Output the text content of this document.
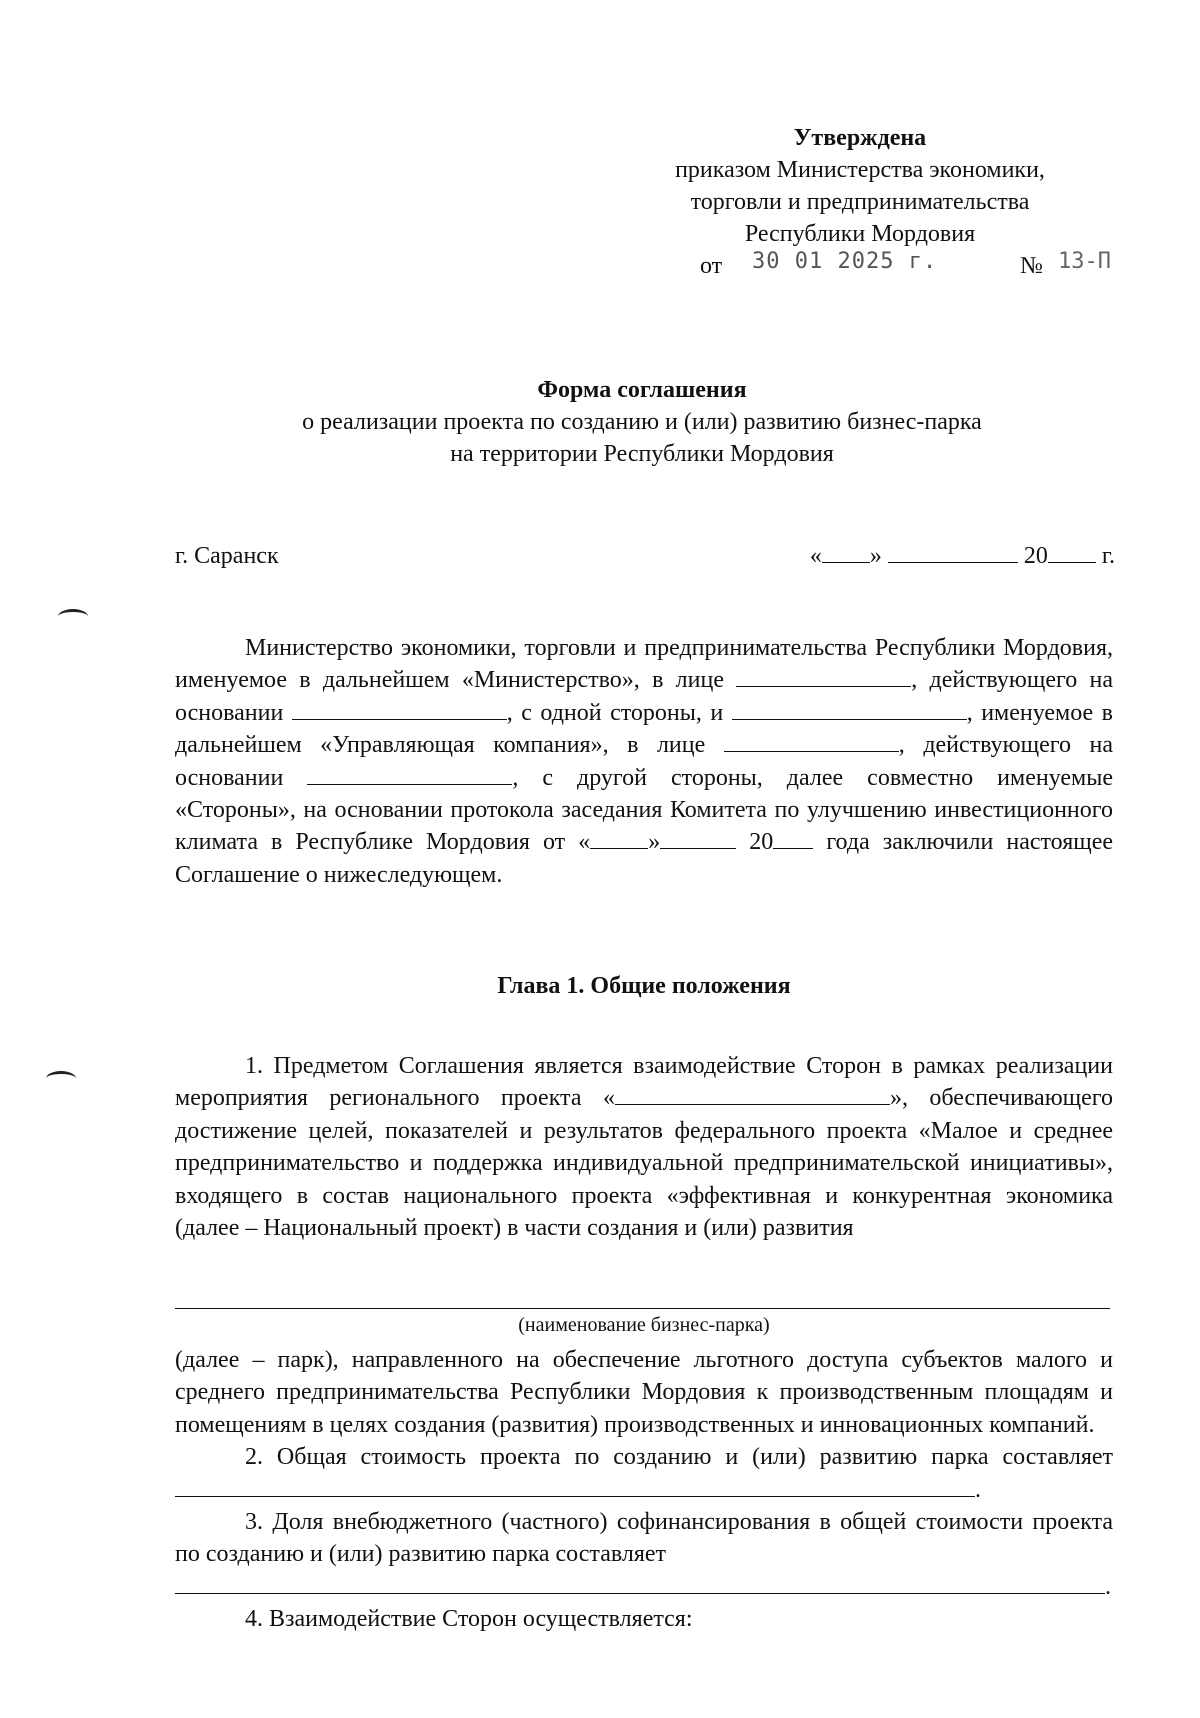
Утверждена
приказом Министерства экономики,
торговли и предпринимательства
Республики Мордовия
от 30 01 2025 г.	№ 13-П
Форма соглашения
о реализации проекта по созданию и (или) развитию бизнес-парка
на территории Республики Мордовия
г. Саранск	« »	20 г.

Министерство экономики, торговли и предпринимательства Республики Мордовия, именуемое в дальнейшем «Министерство», в лице	, действующего на основании	, с одной стороны, и	, именуемое в дальнейшем «Управляющая компания», в лице	, действующего на основании	, с другой стороны, далее совместно именуемые «Стороны», на основании протокола заседания Комитета по улучшению инвестиционного климата в Республике Мордовия от « »	20 года заключили настоящее Соглашение о нижеследующем.

Глава 1. Общие положения

1. Предметом Соглашения является взаимодействие Сторон в рамках реализации мероприятия регионального проекта «	», обеспечивающего достижение целей, показателей и результатов федерального проекта «Малое и среднее предпринимательство и поддержка индивидуальной предпринимательской инициативы», входящего в состав национального проекта «эффективная и конкурентная экономика (далее – Национальный проект) в части создания и (или) развития

(наименование бизнес-парка)

(далее – парк), направленного на обеспечение льготного доступа субъектов малого и среднего предпринимательства Республики Мордовия к производственным площадям и помещениям в целях создания (развития) производственных и инновационных компаний.

2. Общая стоимость проекта по созданию и (или) развитию парка составляет .

3. Доля внебюджетного (частного) софинансирования в общей стоимости проекта по созданию и (или) развитию парка составляет

.

4. Взаимодействие Сторон осуществляется:
